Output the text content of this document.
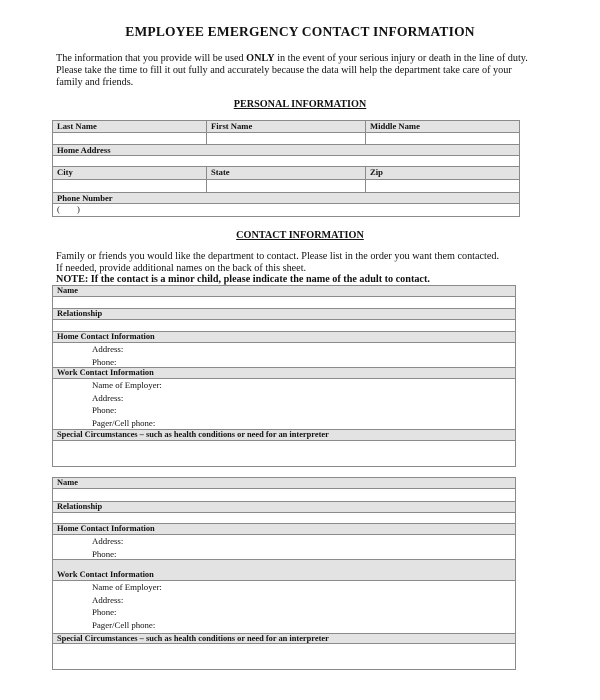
EMPLOYEE EMERGENCY CONTACT INFORMATION
The information that you provide will be used ONLY in the event of your serious injury or death in the line of duty. Please take the time to fill it out fully and accurately because the data will help the department take care of your family and friends.
PERSONAL INFORMATION
Last Name	First Name	Middle Name
Home Address
City	State	Zip
Phone Number
(        )
CONTACT INFORMATION
Family or friends you would like the department to contact. Please list in the order you want them contacted.
If needed, provide additional names on the back of this sheet.
NOTE: If the contact is a minor child, please indicate the name of the adult to contact.
Name
Relationship
Home Contact Information
Address:
Phone:
Work Contact Information
Name of Employer:
Address:
Phone:
Pager/Cell phone:
Special Circumstances – such as health conditions or need for an interpreter
Name
Relationship
Home Contact Information
Address:
Phone:
Work Contact Information
Name of Employer:
Address:
Phone:
Pager/Cell phone:
Special Circumstances – such as health conditions or need for an interpreter
